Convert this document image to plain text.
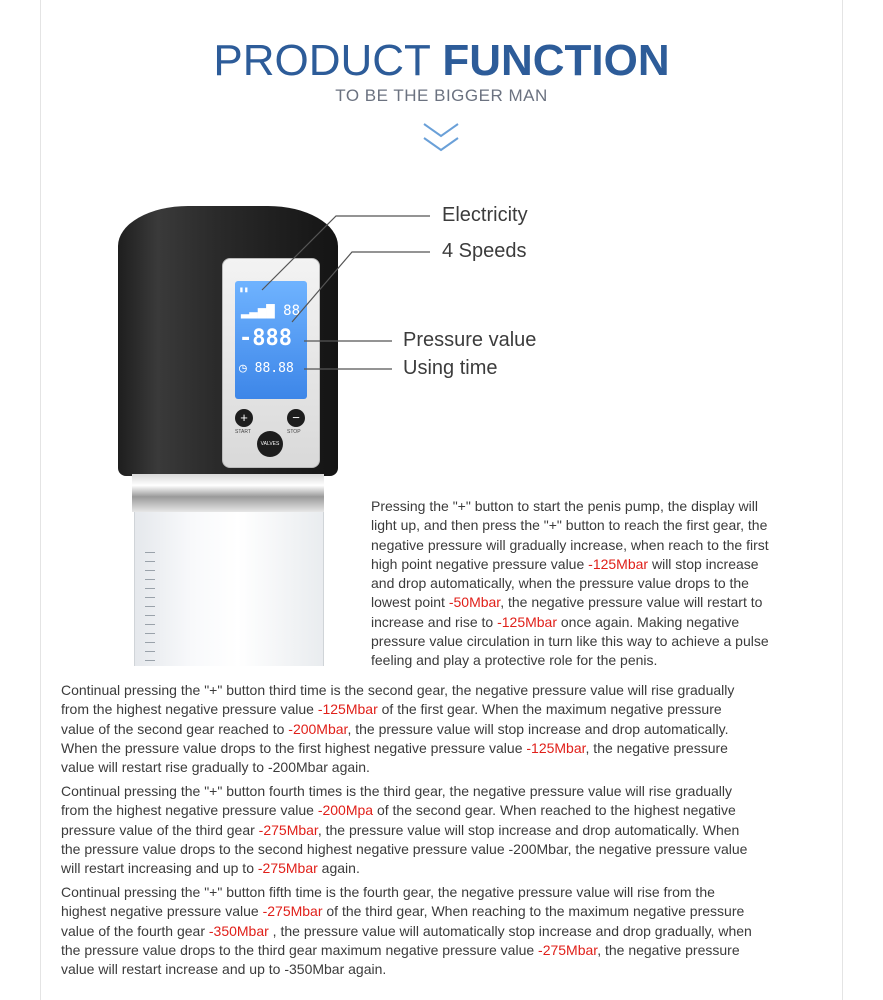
PRODUCT FUNCTION
TO BE THE BIGGER MAN
▮▮
▂▃▅▇ 88
-888
◷ 88.88
+	−
START	STOP
VALVES
Electricity
4 Speeds
Pressure value
Using time
Pressing the "+" button to start the penis pump, the display will
light up, and then press the "+" button to reach the first gear, the
negative pressure will gradually increase, when reach to the first
high point negative pressure value -125Mbar will stop increase
and drop automatically, when the pressure value drops to the
lowest point -50Mbar, the negative pressure value will restart to
increase and rise to -125Mbar once again. Making negative
pressure value circulation in turn like this way to achieve a pulse
feeling and play a protective role for the penis.
Continual pressing the "+" button third time is the second gear, the negative pressure value will rise gradually
from the highest negative pressure value -125Mbar of the first gear. When the maximum negative pressure
value of the second gear reached to -200Mbar, the pressure value will stop increase and drop automatically.
When the pressure value drops to the first highest negative pressure value -125Mbar, the negative pressure
value will restart rise gradually to -200Mbar again.
Continual pressing the "+" button fourth times is the third gear, the negative pressure value will rise gradually
from the highest negative pressure value -200Mpa of the second gear. When reached to the highest negative
pressure value of the third gear -275Mbar, the pressure value will stop increase and drop automatically. When
the pressure value drops to the second highest negative pressure value -200Mbar, the negative pressure value
will restart increasing and up to -275Mbar again.
Continual pressing the "+" button fifth time is the fourth gear, the negative pressure value will rise from the
highest negative pressure value -275Mbar of the third gear, When reaching to the maximum negative pressure
value of the fourth gear -350Mbar , the pressure value will automatically stop increase and drop gradually, when
the pressure value drops to the third gear maximum negative pressure value -275Mbar, the negative pressure
value will restart increase and up to -350Mbar again.
